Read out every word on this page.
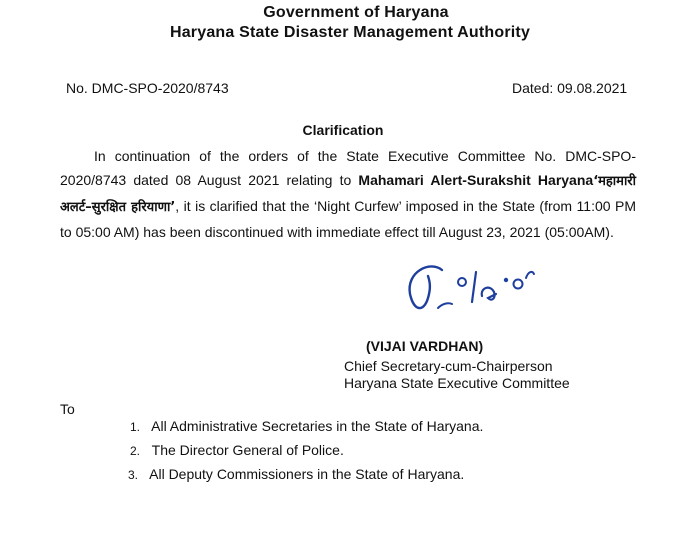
Government of Haryana
Haryana State Disaster Management Authority
No. DMC-SPO-2020/8743	Dated: 09.08.2021
Clarification
In continuation of the orders of the State Executive Committee No. DMC-SPO-2020/8743 dated 08 August 2021 relating to Mahamari Alert-Surakshit Haryana‘महामारी अलर्ट–सुरक्षित हरियाणा’, it is clarified that the ‘Night Curfew’ imposed in the State (from 11:00 PM to 05:00 AM) has been discontinued with immediate effect till August 23, 2021 (05:00AM).
(VIJAI VARDHAN)
Chief Secretary-cum-Chairperson
Haryana State Executive Committee
To
1. All Administrative Secretaries in the State of Haryana.
2. The Director General of Police.
3. All Deputy Commissioners in the State of Haryana.
